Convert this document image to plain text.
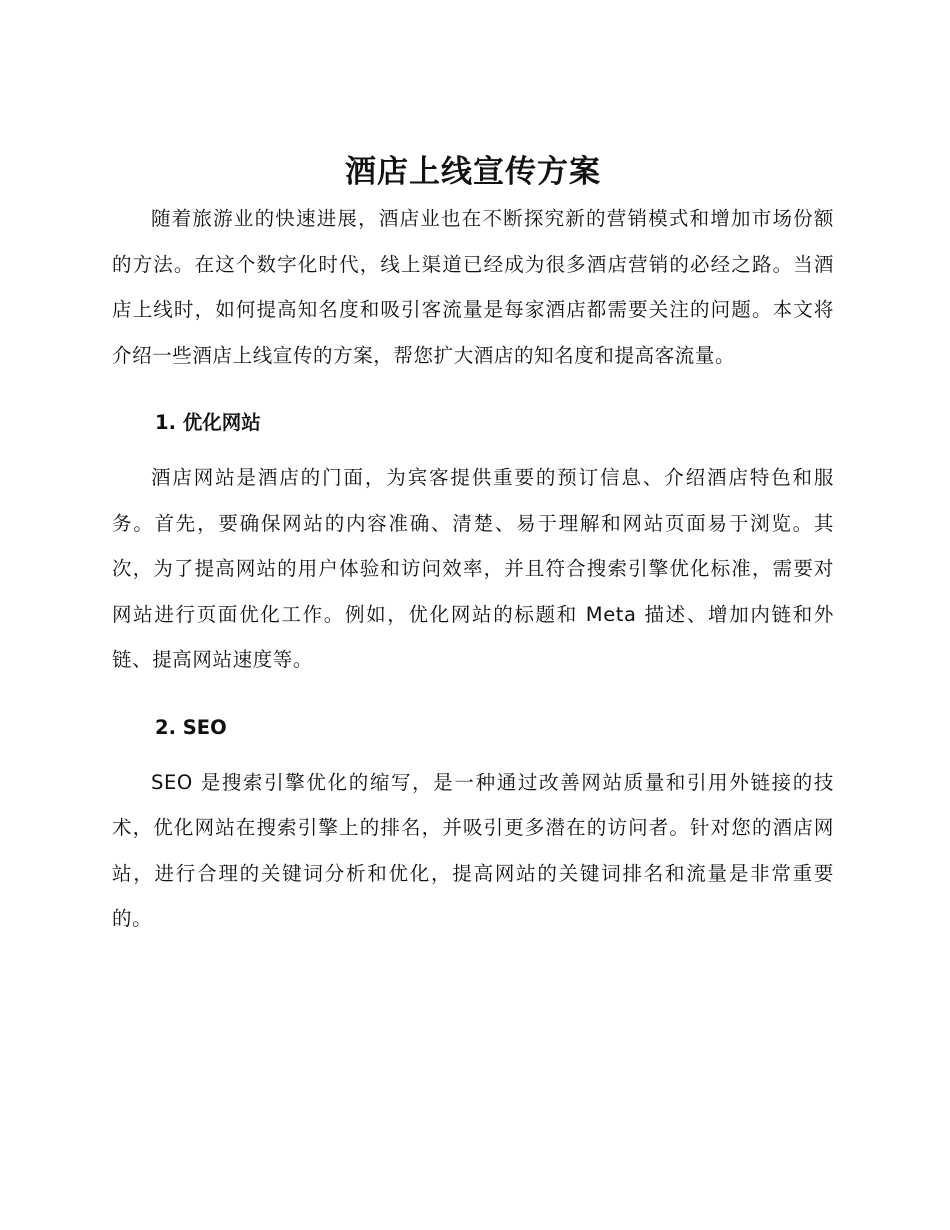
酒店上线宣传方案

随着旅游业的快速进展，酒店业也在不断探究新的营销模式和增加市场份额的方法。在这个数字化时代，线上渠道已经成为很多酒店营销的必经之路。当酒店上线时，如何提高知名度和吸引客流量是每家酒店都需要关注的问题。本文将介绍一些酒店上线宣传的方案，帮您扩大酒店的知名度和提高客流量。

1. 优化网站

酒店网站是酒店的门面，为宾客提供重要的预订信息、介绍酒店特色和服务。首先，要确保网站的内容准确、清楚、易于理解和网站页面易于浏览。其次，为了提高网站的用户体验和访问效率，并且符合搜索引擎优化标准，需要对网站进行页面优化工作。例如，优化网站的标题和 Meta 描述、增加内链和外链、提高网站速度等。

2. SEO

SEO 是搜索引擎优化的缩写，是一种通过改善网站质量和引用外链接的技术，优化网站在搜索引擎上的排名，并吸引更多潜在的访问者。针对您的酒店网站，进行合理的关键词分析和优化，提高网站的关键词排名和流量是非常重要的。
